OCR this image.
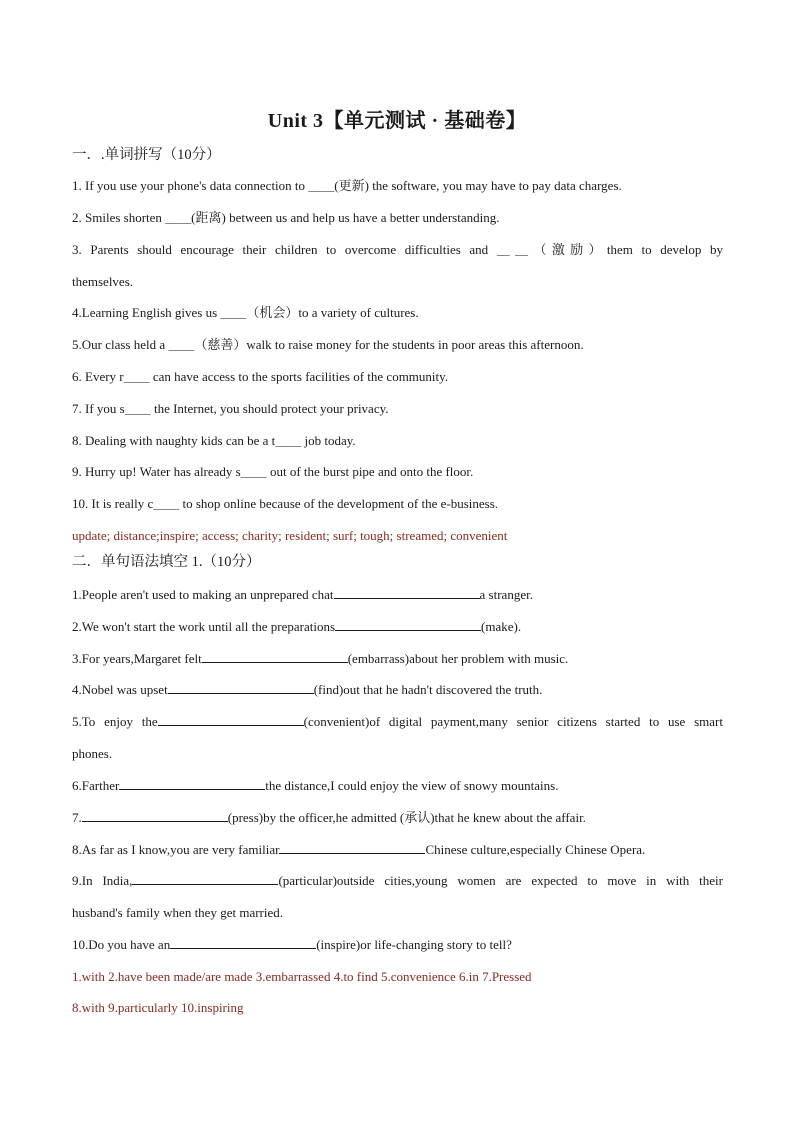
Unit 3【单元测试 · 基础卷】
一．.单词拼写（10分）
1. If you use your phone's data connection to ＿＿(更新) the software, you may have to pay data charges.
2. Smiles shorten ＿＿(距离) between us and help us have a better understanding.
3. Parents should encourage their children to overcome difficulties and ＿＿（激励）them to develop by
themselves.
4.Learning English gives us ＿＿（机会）to a variety of cultures.
5.Our class held a ＿＿（慈善）walk to raise money for the students in poor areas this afternoon.
6. Every r＿＿ can have access to the sports facilities of the community.
7. If you s＿＿ the Internet, you should protect your privacy.
8. Dealing with naughty kids can be a t＿＿ job today.
9. Hurry up! Water has already s＿＿ out of the burst pipe and onto the floor.
10. It is really c＿＿ to shop online because of the development of the e-business.
update; distance;inspire; access; charity; resident; surf; tough; streamed; convenient
二．单句语法填空 1.（10分）
1.People aren't used to making an unprepared chat	a stranger.
2.We won't start the work until all the preparations	(make).
3.For years,Margaret felt	(embarrass)about her problem with music.
4.Nobel was upset	(find)out that he hadn't discovered the truth.
5.To enjoy the	(convenient)of digital payment,many senior citizens started to use smart
phones.
6.Farther	the distance,I could enjoy the view of snowy mountains.
7.	(press)by the officer,he admitted (承认)that he knew about the affair.
8.As far as I know,you are very familiar	Chinese culture,especially Chinese Opera.
9.In India,	(particular)outside cities,young women are expected to move in with their
husband's family when they get married.
10.Do you have an	(inspire)or life-changing story to tell?
1.with 2.have been made/are made 3.embarrassed 4.to find 5.convenience 6.in 7.Pressed
8.with 9.particularly 10.inspiring
